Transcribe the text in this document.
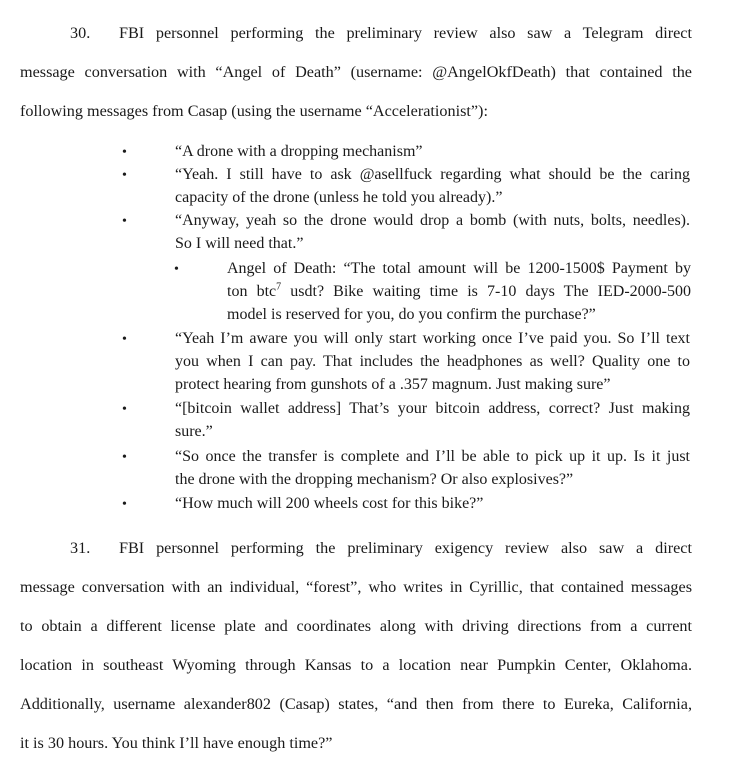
30. FBI personnel performing the preliminary review also saw a Telegram direct
message conversation with “Angel of Death” (username: @AngelOkfDeath) that contained the
following messages from Casap (using the username “Accelerationist”):
•	“A drone with a dropping mechanism”
•	“Yeah. I still have to ask @asellfuck regarding what should be the caring
capacity of the drone (unless he told you already).”
•	“Anyway, yeah so the drone would drop a bomb (with nuts, bolts, needles).
So I will need that.”
•	Angel of Death: “The total amount will be 1200-1500$ Payment by
ton btc$^7$ usdt? Bike waiting time is 7-10 days The IED-2000-500
model is reserved for you, do you confirm the purchase?”
•	“Yeah I’m aware you will only start working once I’ve paid you. So I’ll text
you when I can pay. That includes the headphones as well? Quality one to
protect hearing from gunshots of a .357 magnum. Just making sure”
•	“[bitcoin wallet address] That’s your bitcoin address, correct? Just making
sure.”
•	“So once the transfer is complete and I’ll be able to pick up it up. Is it just
the drone with the dropping mechanism? Or also explosives?”
•	“How much will 200 wheels cost for this bike?”
31. FBI personnel performing the preliminary exigency review also saw a direct
message conversation with an individual, “forest”, who writes in Cyrillic, that contained messages
to obtain a different license plate and coordinates along with driving directions from a current
location in southeast Wyoming through Kansas to a location near Pumpkin Center, Oklahoma.
Additionally, username alexander802 (Casap) states, “and then from there to Eureka, California,
it is 30 hours. You think I’ll have enough time?”
